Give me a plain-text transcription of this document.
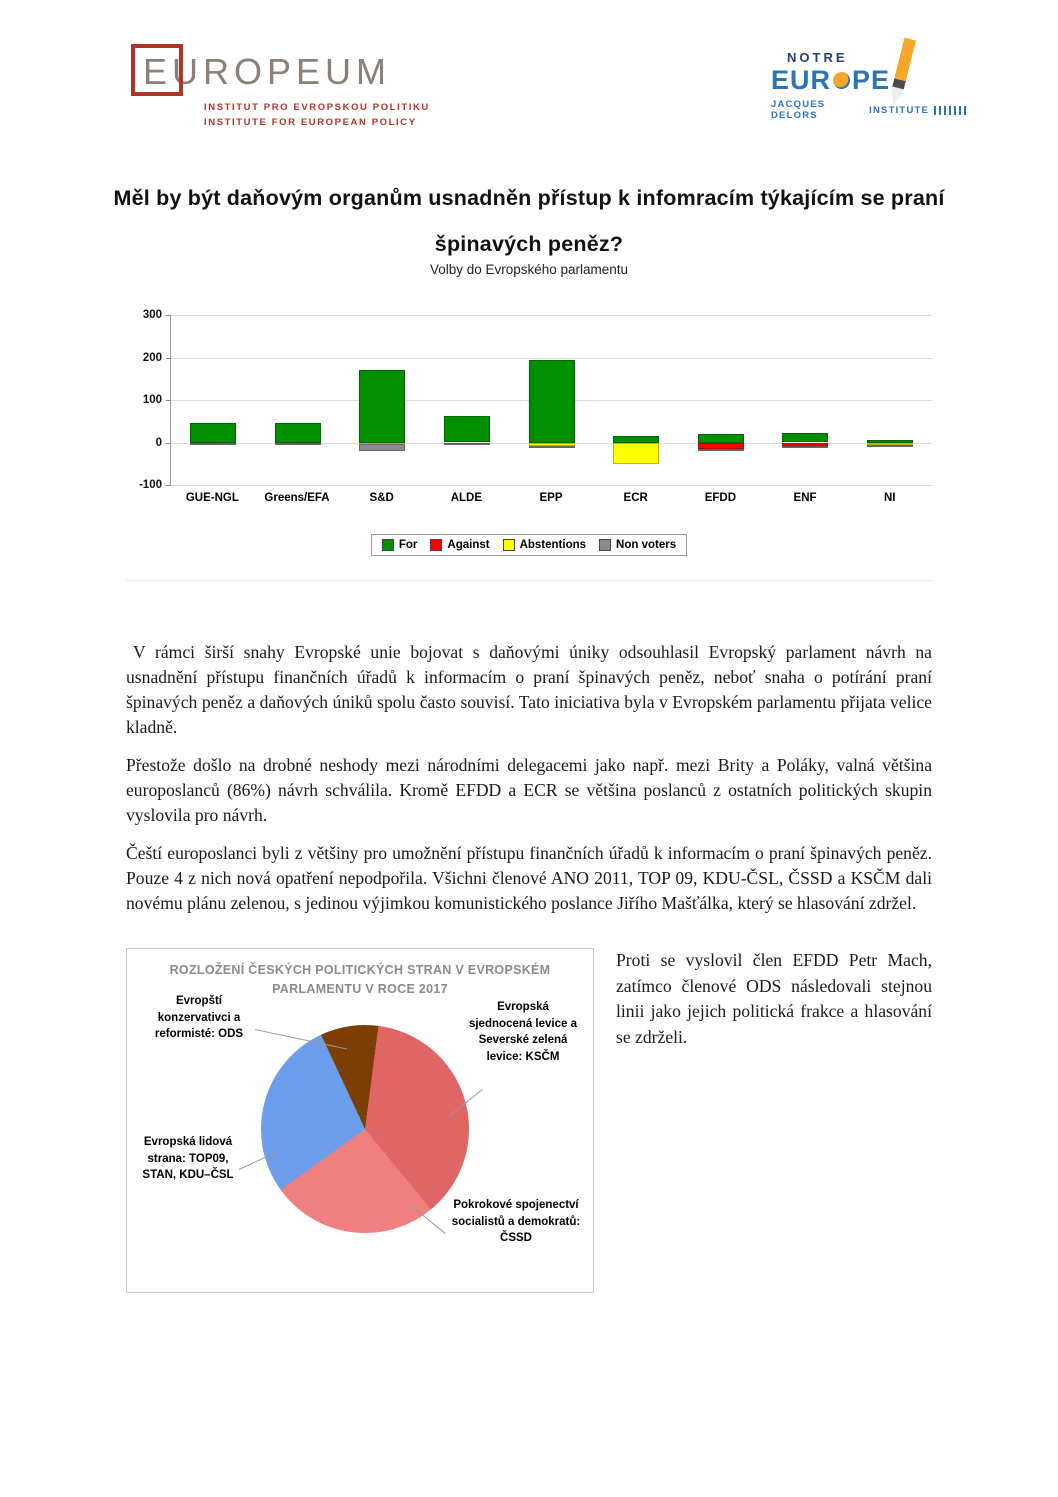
EUROPEUM
INSTITUT PRO EVROPSKOU POLITIKU
INSTITUTE FOR EUROPEAN POLICY
NOTRE
EUR PE
JACQUES DELORS	INSTITUTE
Měl by být daňovým organům usnadněn přístup k infomracím týkajícím se praní
špinavých peněz?
Volby do Evropského parlamentu
300
200
100
0
-100
GUE-NGL	Greens/EFA	S&D	ALDE	EPP	ECR	EFDD	ENF	NI
For	Against	Abstentions	Non voters

V rámci širší snahy Evropské unie bojovat s daňovými úniky odsouhlasil Evropský parlament návrh na usnadnění přístupu finančních úřadů k informacím o praní špinavých peněz, neboť snaha o potírání praní špinavých peněz a daňových úniků spolu často souvisí. Tato iniciativa byla v Evropském parlamentu přijata velice kladně.

Přestože došlo na drobné neshody mezi národními delegacemi jako např. mezi Brity a Poláky, valná většina europoslanců (86%) návrh schválila. Kromě EFDD a ECR se většina poslanců z ostatních politických skupin vyslovila pro návrh.

Čeští europoslanci byli z většiny pro umožnění přístupu finančních úřadů k informacím o praní špinavých peněz. Pouze 4 z nich nová opatření nepodpořila. Všichni členové ANO 2011, TOP 09, KDU-ČSL, ČSSD a KSČM dali novému plánu zelenou, s jedinou výjimkou komunistického poslance Jiřího Mašťálka, který se hlasování zdržel.

ROZLOŽENÍ ČESKÝCH POLITICKÝCH STRAN V EVROPSKÉM PARLAMENTU V ROCE 2017
Evropští konzervativci a reformisté: ODS
Evropská sjednocená levice a Severské zelená levice: KSČM
Pokrokové spojenectví socialistů a demokratů: ČSSD
Evropská lidová strana: TOP09, STAN, KDU–ČSL
Proti se vyslovil člen EFDD Petr Mach, zatímco členové ODS následovali stejnou linii jako jejich politická frakce a hlasování se zdrželi.
